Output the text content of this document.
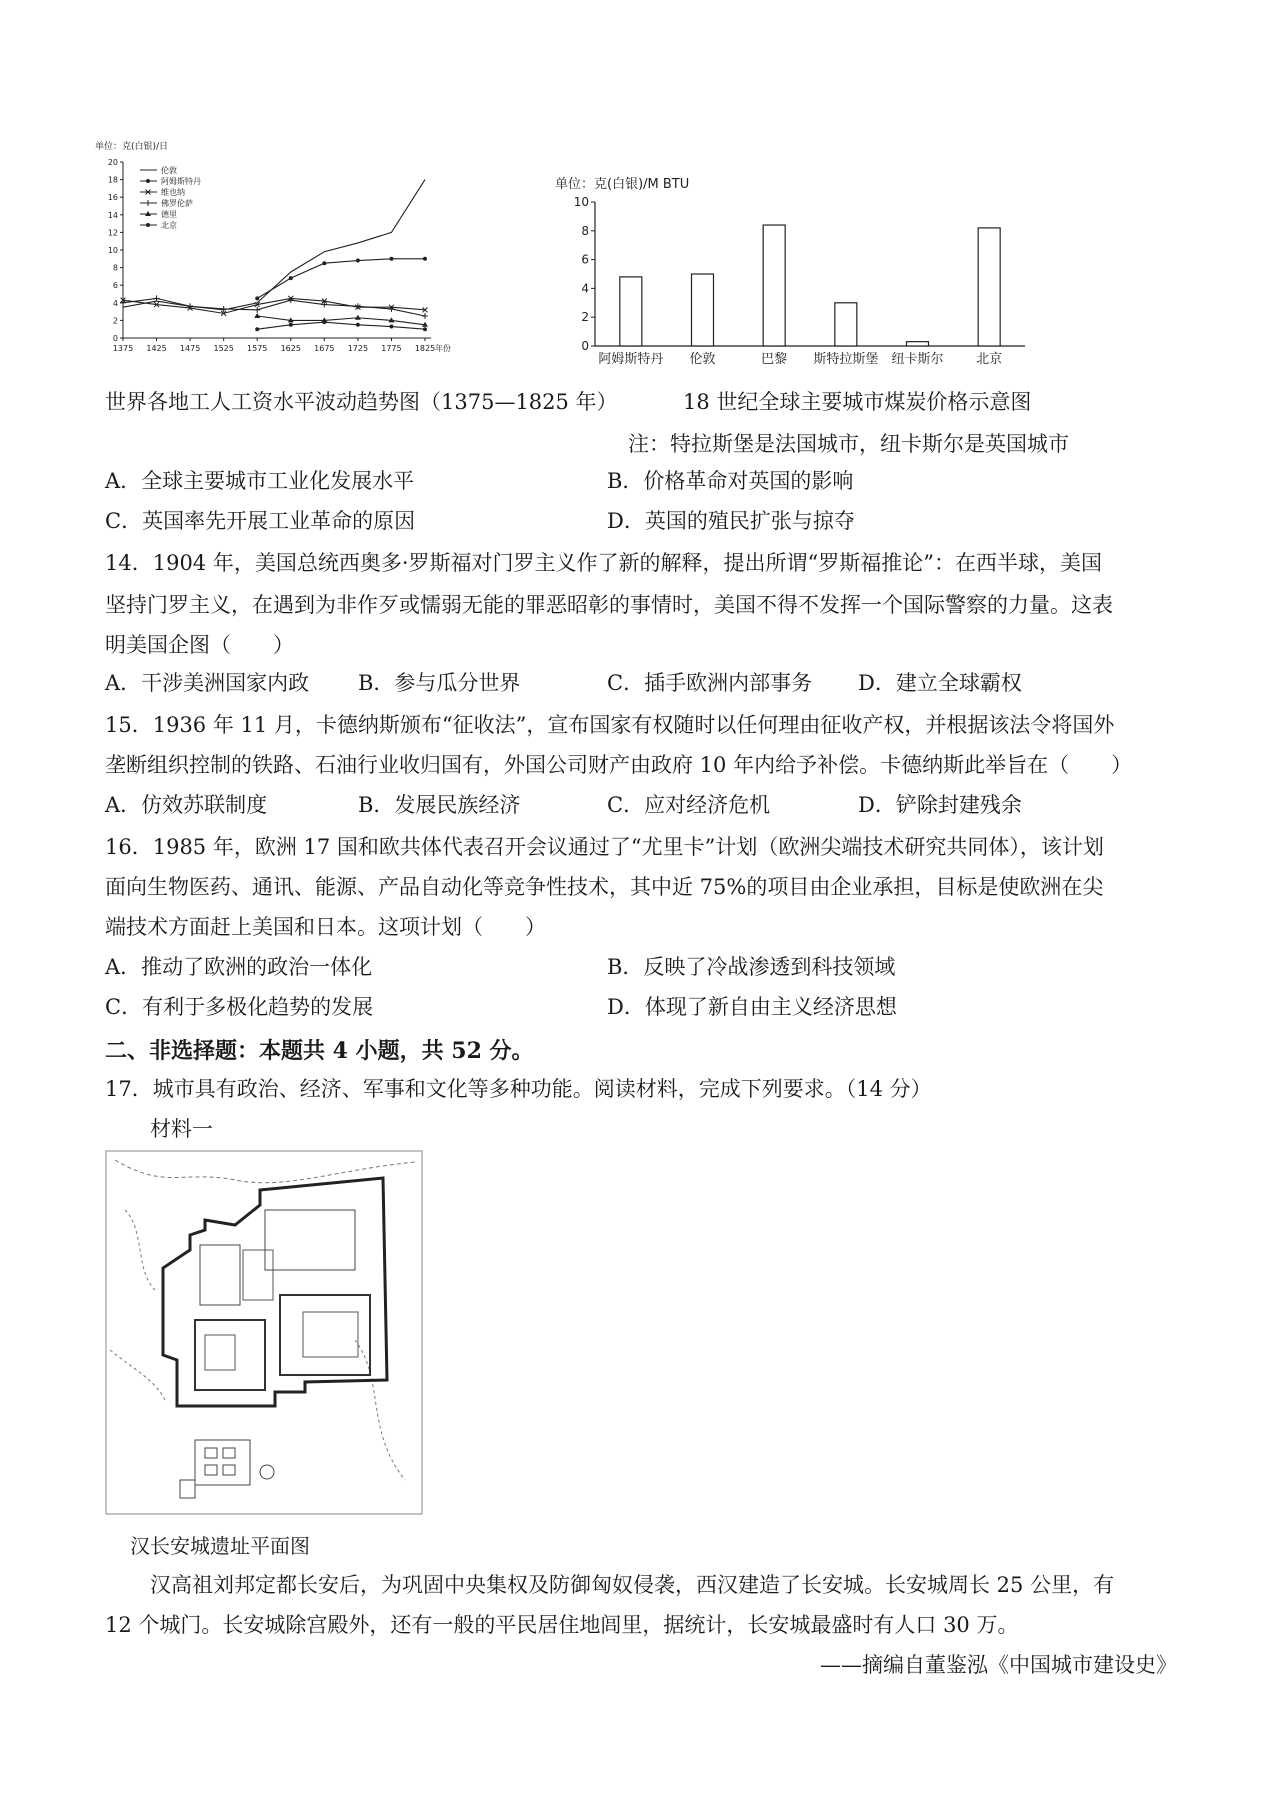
单位：克(白银)/日
0
2
4
6
8
10
12
14
16
18
20
1375 1425 1475 1525 1575 1625 1675 1725 1775 1825 年份
伦敦
阿姆斯特丹
维也纳
佛罗伦萨
德里
北京
单位：克(白银)/M BTU
0
2
4
6
8
10
阿姆斯特丹 伦敦	巴黎 斯特拉斯堡 纽卡斯尔	北京
世界各地工人工资水平波动趋势图（1375—1825 年）	18 世纪全球主要城市煤炭价格示意图
注：特拉斯堡是法国城市，纽卡斯尔是英国城市
A．全球主要城市工业化发展水平	B．价格革命对英国的影响
C．英国率先开展工业革命的原因	D．英国的殖民扩张与掠夺
14．1904 年，美国总统西奥多·罗斯福对门罗主义作了新的解释，提出所谓“罗斯福推论”：在西半球，美国
坚持门罗主义，在遇到为非作歹或懦弱无能的罪恶昭彰的事情时，美国不得不发挥一个国际警察的力量。这表
明美国企图（　　）
A．干涉美洲国家内政 B．参与瓜分世界	C．插手欧洲内部事务 D．建立全球霸权
15．1936 年 11 月，卡德纳斯颁布“征收法”，宣布国家有权随时以任何理由征收产权，并根据该法令将国外
垄断组织控制的铁路、石油行业收归国有，外国公司财产由政府 10 年内给予补偿。卡德纳斯此举旨在（　　）
A．仿效苏联制度	B．发展民族经济	C．应对经济危机	D．铲除封建残余
16．1985 年，欧洲 17 国和欧共体代表召开会议通过了“尤里卡”计划（欧洲尖端技术研究共同体），该计划
面向生物医药、通讯、能源、产品自动化等竞争性技术，其中近 75%的项目由企业承担，目标是使欧洲在尖
端技术方面赶上美国和日本。这项计划（　　）
A．推动了欧洲的政治一体化	B．反映了冷战渗透到科技领域
C．有利于多极化趋势的发展	D．体现了新自由主义经济思想
二、非选择题：本题共 4 小题，共 52 分。
17．城市具有政治、经济、军事和文化等多种功能。阅读材料，完成下列要求。（14 分）
材料一
汉长安城遗址平面图
汉高祖刘邦定都长安后，为巩固中央集权及防御匈奴侵袭，西汉建造了长安城。长安城周长 25 公里，有
12 个城门。长安城除宫殿外，还有一般的平民居住地闾里，据统计，长安城最盛时有人口 30 万。
——摘编自董鉴泓《中国城市建设史》
